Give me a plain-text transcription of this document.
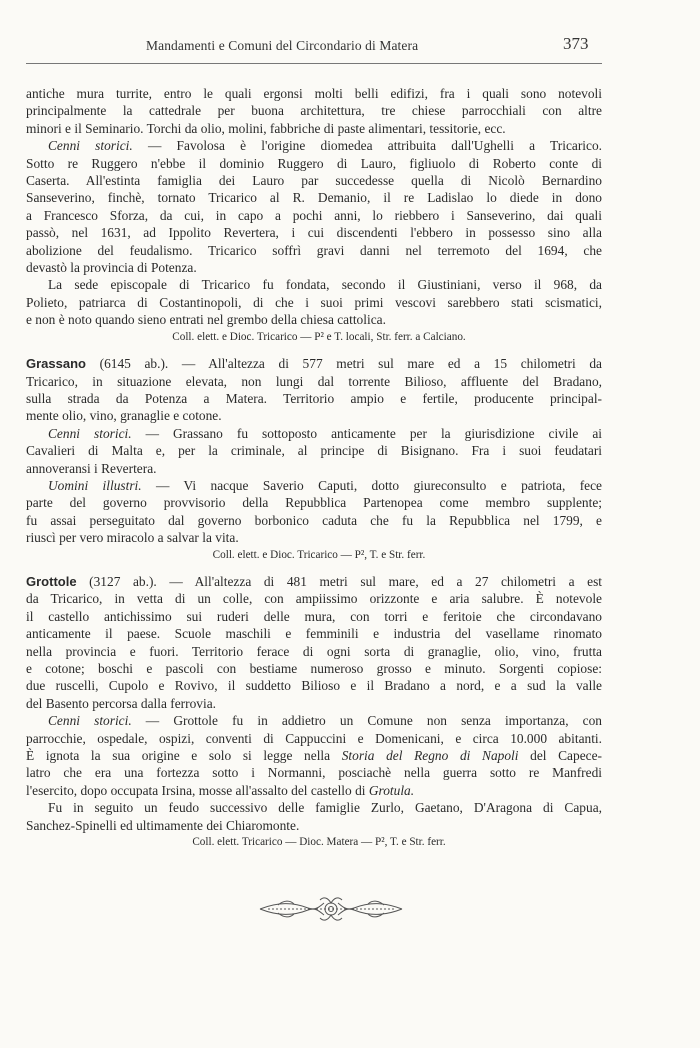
Mandamenti e Comuni del Circondario di Matera	373
antiche mura turrite, entro le quali ergonsi molti belli edifizi, fra i quali sono notevoli
principalmente la cattedrale per buona architettura, tre chiese parrocchiali con altre
minori e il Seminario. Torchi da olio, molini, fabbriche di paste alimentari, tessitorie, ecc.
Cenni storici. — Favolosa è l'origine diomedea attribuita dall'Ughelli a Tricarico.
Sotto re Ruggero n'ebbe il dominio Ruggero di Lauro, figliuolo di Roberto conte di
Caserta. All'estinta famiglia dei Lauro par succedesse quella di Nicolò Bernardino
Sanseverino, finchè, tornato Tricarico al R. Demanio, il re Ladislao lo diede in dono
a Francesco Sforza, da cui, in capo a pochi anni, lo riebbero i Sanseverino, dai quali
passò, nel 1631, ad Ippolito Revertera, i cui discendenti l'ebbero in possesso sino alla
abolizione del feudalismo. Tricarico soffrì gravi danni nel terremoto del 1694, che
devastò la provincia di Potenza.
La sede episcopale di Tricarico fu fondata, secondo il Giustiniani, verso il 968, da
Polieto, patriarca di Costantinopoli, di che i suoi primi vescovi sarebbero stati scismatici,
e non è noto quando sieno entrati nel grembo della chiesa cattolica.
Coll. elett. e Dioc. Tricarico — P² e T. locali, Str. ferr. a Calciano.
Grassano (6145 ab.). — All'altezza di 577 metri sul mare ed a 15 chilometri da
Tricarico, in situazione elevata, non lungi dal torrente Bilioso, affluente del Bradano,
sulla strada da Potenza a Matera. Territorio ampio e fertile, producente principal-
mente olio, vino, granaglie e cotone.
Cenni storici. — Grassano fu sottoposto anticamente per la giurisdizione civile ai
Cavalieri di Malta e, per la criminale, al principe di Bisignano. Fra i suoi feudatari
annoveransi i Revertera.
Uomini illustri. — Vi nacque Saverio Caputi, dotto giureconsulto e patriota, fece
parte del governo provvisorio della Repubblica Partenopea come membro supplente;
fu assai perseguitato dal governo borbonico caduta che fu la Repubblica nel 1799, e
riuscì per vero miracolo a salvar la vita.
Coll. elett. e Dioc. Tricarico — P², T. e Str. ferr.
Grottole (3127 ab.). — All'altezza di 481 metri sul mare, ed a 27 chilometri a est
da Tricarico, in vetta di un colle, con ampiissimo orizzonte e aria salubre. È notevole
il castello antichissimo sui ruderi delle mura, con torri e feritoie che circondavano
anticamente il paese. Scuole maschili e femminili e industria del vasellame rinomato
nella provincia e fuori. Territorio ferace di ogni sorta di granaglie, olio, vino, frutta
e cotone; boschi e pascoli con bestiame numeroso grosso e minuto. Sorgenti copiose:
due ruscelli, Cupolo e Rovivo, il suddetto Bilioso e il Bradano a nord, e a sud la valle
del Basento percorsa dalla ferrovia.
Cenni storici. — Grottole fu in addietro un Comune non senza importanza, con
parrocchie, ospedale, ospizi, conventi di Cappuccini e Domenicani, e circa 10.000 abitanti.
È ignota la sua origine e solo si legge nella Storia del Regno di Napoli del Capece-
latro che era una fortezza sotto i Normanni, posciachè nella guerra sotto re Manfredi
l'esercito, dopo occupata Irsina, mosse all'assalto del castello di Grotula.
Fu in seguito un feudo successivo delle famiglie Zurlo, Gaetano, D'Aragona di Capua,
Sanchez-Spinelli ed ultimamente dei Chiaromonte.
Coll. elett. Tricarico — Dioc. Matera — P², T. e Str. ferr.
